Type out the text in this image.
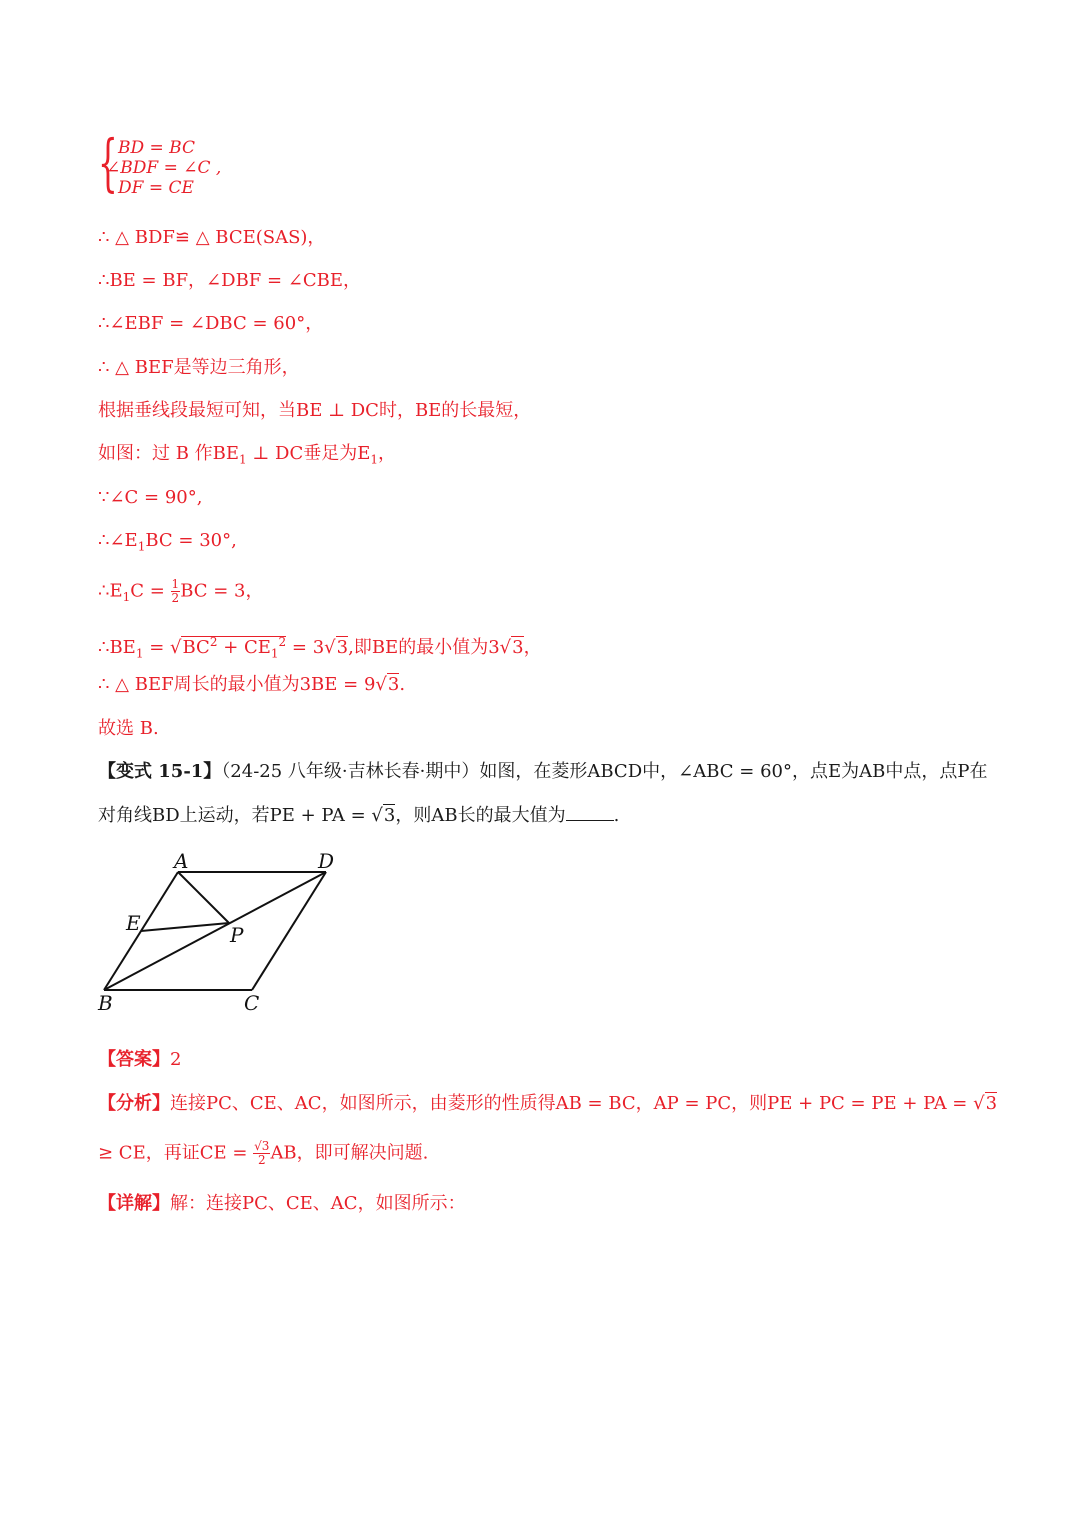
{ BD = BC
∠BDF = ∠C ,
DF = CE
∴ △ BDF≌ △ BCE(SAS)，
∴BE = BF，∠DBF = ∠CBE，
∴∠EBF = ∠DBC = 60°，
∴ △ BEF是等边三角形，
根据垂线段最短可知，当BE ⊥ DC时，BE的长最短，
如图：过 B 作$BE_1$ ⊥ DC垂足为$E_1$，
∵∠C = 90°,
$\therefore\angle E_1BC = 30^\circ$,
$\therefore E_1C = \frac{1}{2}$ BC = 3，
$\therefore BE_1 = √BC^2 + CE_1^2 = 3√3$,即BE的最小值为3√3，
∴ △ BEF周长的最小值为3BE = 9√3.
故选 B.
【变式 15-1】（24-25 八年级·吉林长春·期中）如图，在菱形ABCD中，∠ABC = 60°，点E为AB中点，点P在
对角线BD上运动，若PE + PA = √3，则AB长的最大值为	.
A	D
E	P
B	C
【答案】2
【分析】连接PC、CE、AC，如图所示，由菱形的性质得AB = BC，AP = PC，则PE + PC = PE + PA = √3
≥ CE，再证CE = $\frac{√3}{2}$ AB，即可解决问题.
【详解】解：连接PC、CE、AC，如图所示：
